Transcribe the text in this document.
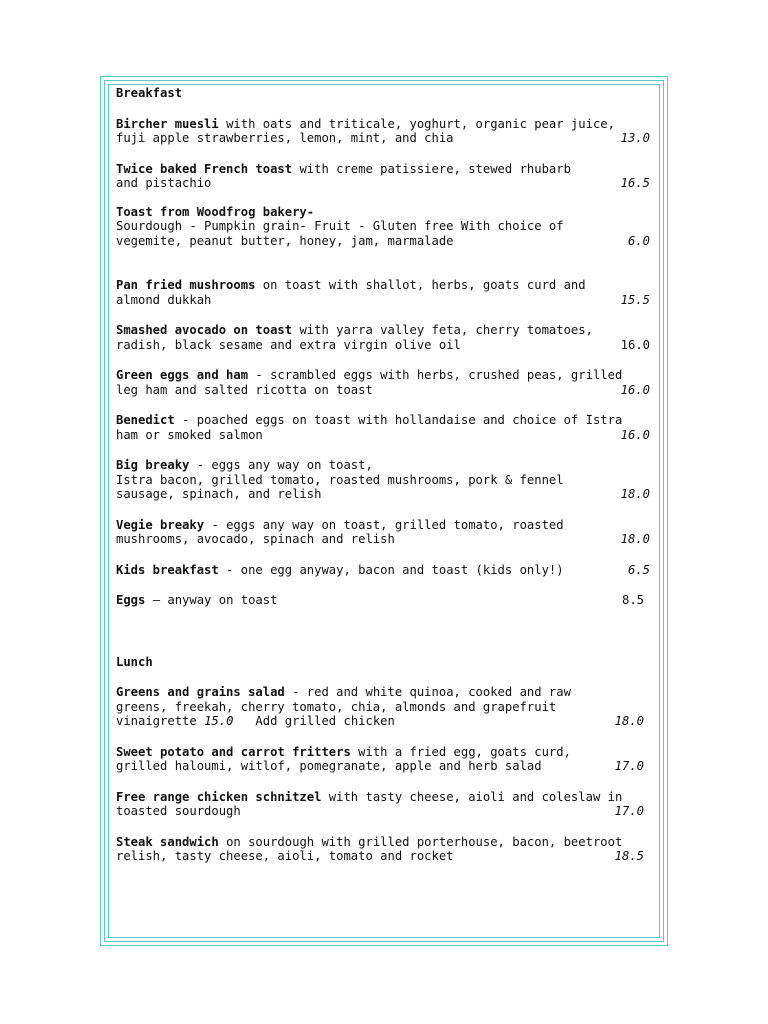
Breakfast
Bircher muesli with oats and triticale, yoghurt, organic pear juice,
fuji apple strawberries, lemon, mint, and chia	13.0
Twice baked French toast with creme patissiere, stewed rhubarb
and pistachio	16.5
Toast from Woodfrog bakery-
Sourdough - Pumpkin grain- Fruit - Gluten free With choice of
vegemite, peanut butter, honey, jam, marmalade	6.0
Pan fried mushrooms on toast with shallot, herbs, goats curd and
almond dukkah	15.5
Smashed avocado on toast with yarra valley feta, cherry tomatoes,
radish, black sesame and extra virgin olive oil	16.0
Green eggs and ham - scrambled eggs with herbs, crushed peas, grilled
leg ham and salted ricotta on toast	16.0
Benedict - poached eggs on toast with hollandaise and choice of Istra
ham or smoked salmon	16.0
Big breaky - eggs any way on toast,
Istra bacon, grilled tomato, roasted mushrooms, pork & fennel
sausage, spinach, and relish	18.0
Vegie breaky - eggs any way on toast, grilled tomato, roasted
mushrooms, avocado, spinach and relish	18.0
Kids breakfast - one egg anyway, bacon and toast (kids only!)	6.5
Eggs — anyway on toast	8.5
Lunch
Greens and grains salad - red and white quinoa, cooked and raw
greens, freekah, cherry tomato, chia, almonds and grapefruit
vinaigrette 15.0   Add grilled chicken	18.0
Sweet potato and carrot fritters with a fried egg, goats curd,
grilled haloumi, witlof, pomegranate, apple and herb salad	17.0
Free range chicken schnitzel with tasty cheese, aioli and coleslaw in
toasted sourdough	17.0
Steak sandwich on sourdough with grilled porterhouse, bacon, beetroot
relish, tasty cheese, aioli, tomato and rocket	18.5
